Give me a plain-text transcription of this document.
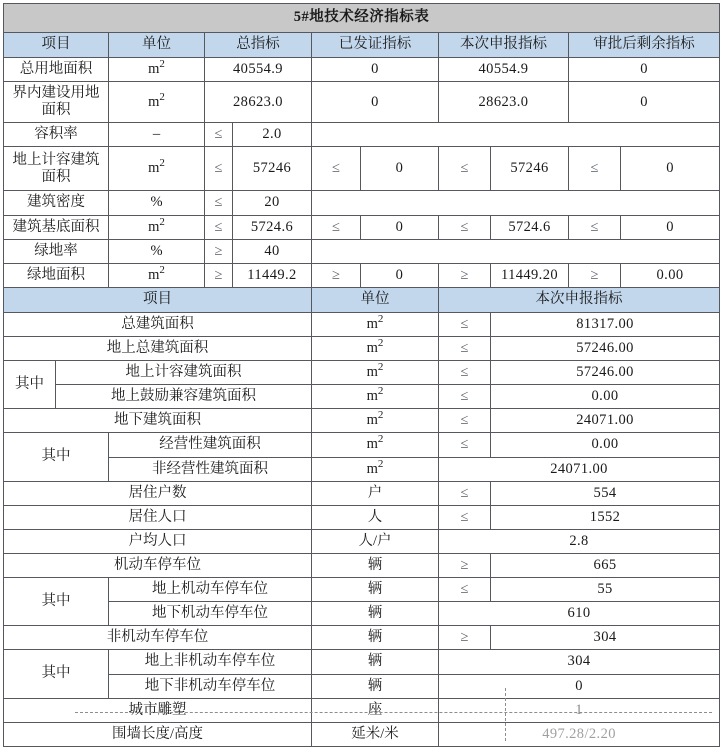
5#地技术经济指标表										
项目		单位	总指标		已发证指标		本次申报指标		审批后剩余指标	
总用地面积		$m^2$	40554.9		0		40554.9		0	
界内建设用地面积		$m^2$	28623.0		0		28623.0		0	
容积率		–	≤	2.0						
地上计容建筑面积		$m^2$	≤	57246	≤	0	≤	57246	≤	0
建筑密度		%	≤	20						
建筑基底面积		$m^2$	≤	5724.6	≤	0	≤	5724.6	≤	0
绿地率		%	≥	40						
绿地面积		$m^2$	≥	11449.2	≥	0	≥	11449.20	≥	0.00
项目					单位		本次申报指标			
总建筑面积					$m^2$		≤	81317.00		
地上总建筑面积					$m^2$		≤	57246.00		
其中	地上计容建筑面积				$m^2$		≤	57246.00		
	地上鼓励兼容建筑面积				$m^2$		≤	0.00		
地下建筑面积					$m^2$		≤	24071.00		
其中		经营性建筑面积			$m^2$		≤	0.00		
		非经营性建筑面积			$m^2$		24071.00			
居住户数					户		≤	554		
居住人口					人		≤	1552		
户均人口					人/户		2.8			
机动车停车位					辆		≥	665		
其中		地上机动车停车位			辆		≤	55		
		地下机动车停车位			辆		610			
非机动车停车位					辆		≥	304		
其中		地上非机动车停车位			辆		304			
		地下非机动车停车位			辆		0			
城市雕塑					座		1			
围墙长度/高度					延米/米		497.28/2.20			
